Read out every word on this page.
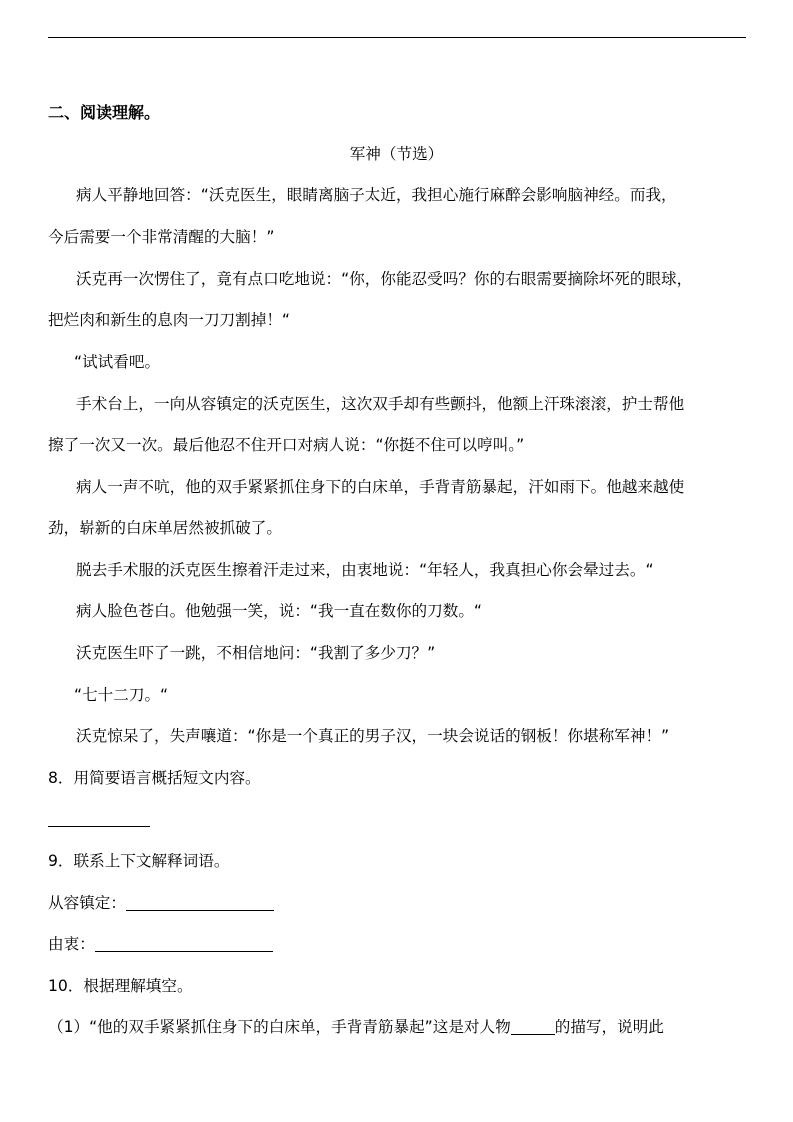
二、阅读理解。
军神（节选）
病人平静地回答：“沃克医生，眼睛离脑子太近，我担心施行麻醉会影响脑神经。而我，
今后需要一个非常清醒的大脑！”
沃克再一次愣住了，竟有点口吃地说：“你，你能忍受吗？你的右眼需要摘除坏死的眼球，
把烂肉和新生的息肉一刀刀割掉！“
“试试看吧。
手术台上，一向从容镇定的沃克医生，这次双手却有些颤抖，他额上汗珠滚滚，护士帮他
擦了一次又一次。最后他忍不住开口对病人说：“你挺不住可以哼叫。”
病人一声不吭，他的双手紧紧抓住身下的白床单，手背青筋暴起，汗如雨下。他越来越使
劲，崭新的白床单居然被抓破了。
脱去手术服的沃克医生擦着汗走过来，由衷地说：“年轻人，我真担心你会晕过去。“
病人脸色苍白。他勉强一笑，说：“我一直在数你的刀数。“
沃克医生吓了一跳，不相信地问：“我割了多少刀？”
“七十二刀。“
沃克惊呆了，失声嚷道：“你是一个真正的男子汉，一块会说话的钢板！你堪称军神！”
8．用简要语言概括短文内容。
9．联系上下文解释词语。
从容镇定：
由衷：
10．根据理解填空。
（1）“他的双手紧紧抓住身下的白床单，手背青筋暴起”这是对人物	的描写，说明此
